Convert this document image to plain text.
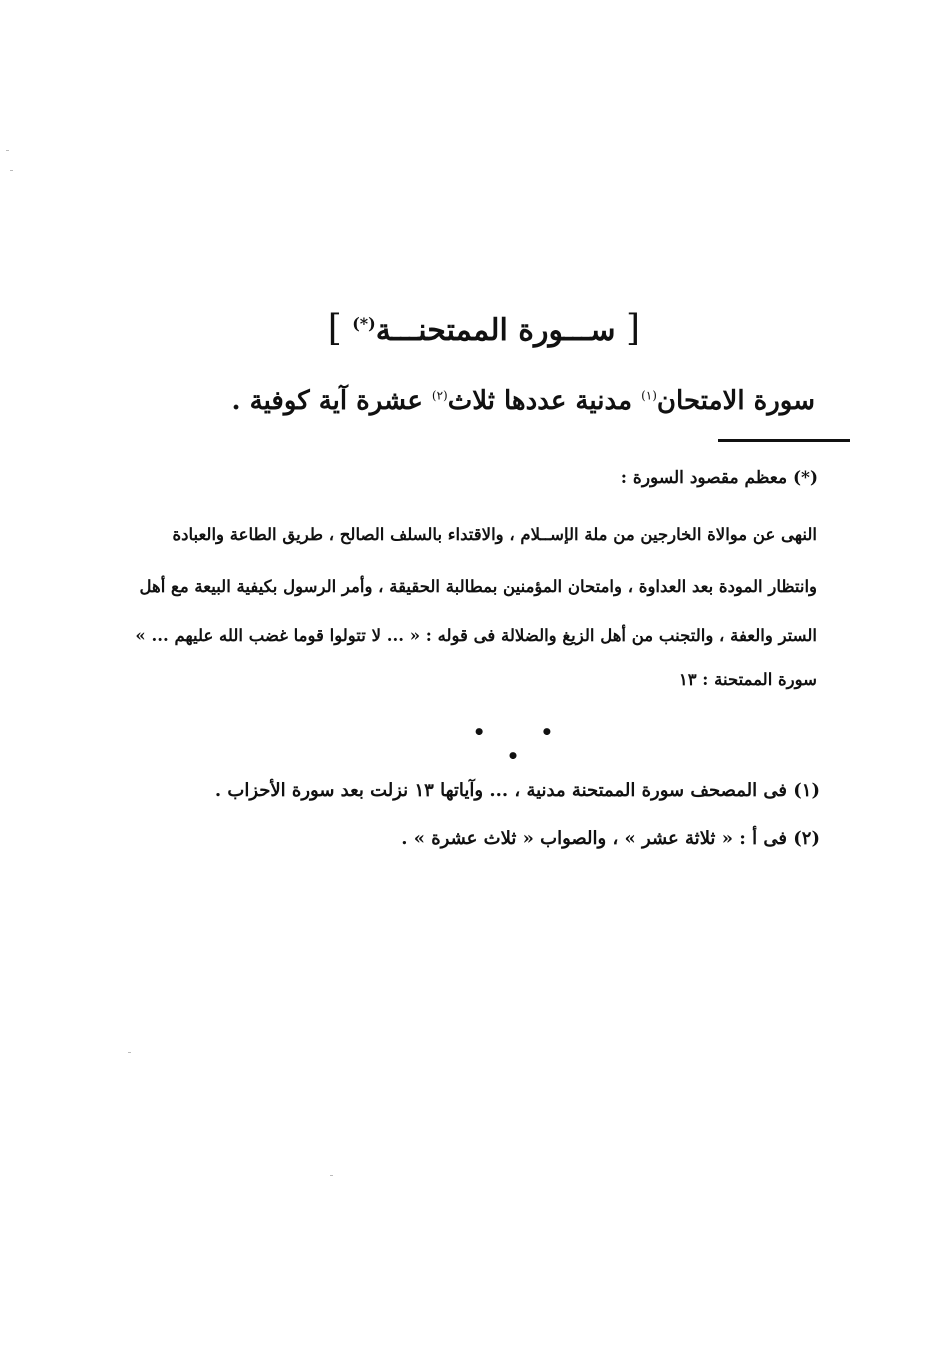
[ ســـورة الممتحنـــة(*) ]
سورة الامتحان$^{(١)}$ مدنية عددها ثلاث$^{(٢)}$ عشرة آية كوفية .
(*) معظم مقصود السورة :
النهى عن موالاة الخارجين من ملة الإســلام ، والاقتداء بالسلف الصالح ، طريق الطاعة والعبادة
وانتظار المودة بعد العداوة ، وامتحان المؤمنين بمطالبة الحقيقة ، وأمر الرسول بكيفية البيعة مع أهل
الستر والعفة ، والتجنب من أهل الزيغ والضلالة فى قوله : « ... لا تتولوا قوما غضب الله عليهم ... »
سورة الممتحنة : ١٣
• • •
(١) فى المصحف سورة الممتحنة مدنية ، ... وآياتها ١٣ نزلت بعد سورة الأحزاب .
(٢) فى أ : « ثلاثة عشر » ، والصواب « ثلاث عشرة » .
